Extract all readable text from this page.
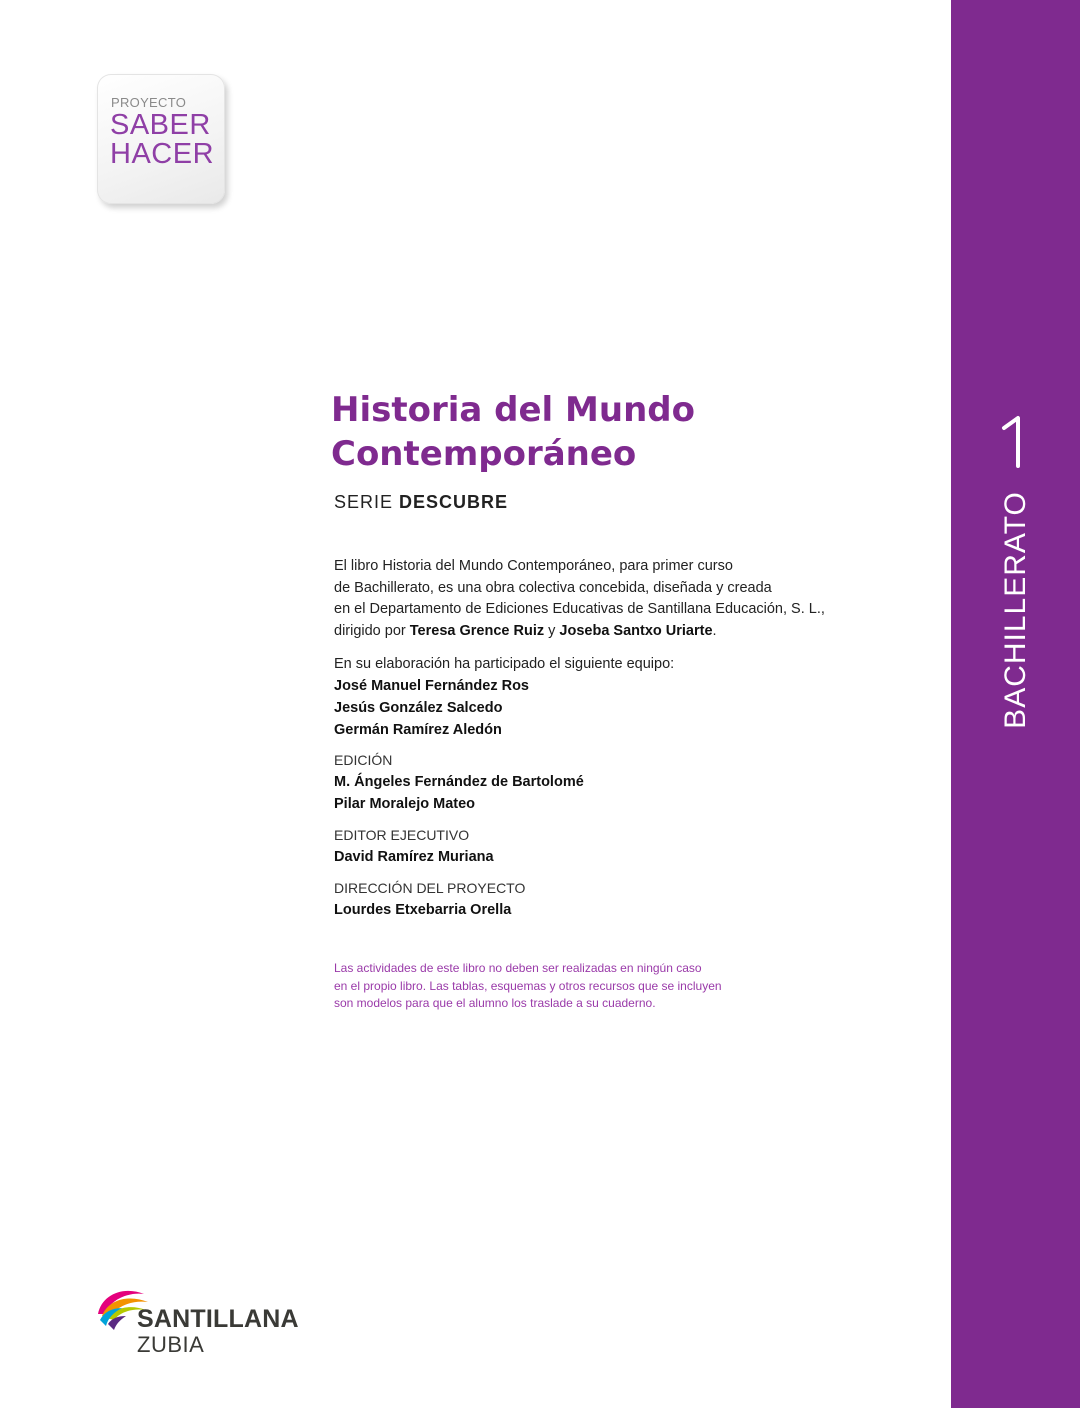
PROYECTO
SABER
HACER
Historia del Mundo
Contemporáneo
SERIE DESCUBRE

El libro Historia del Mundo Contemporáneo, para primer curso

de Bachillerato, es una obra colectiva concebida, diseñada y creada

en el Departamento de Ediciones Educativas de Santillana Educación, S. L.,

dirigido por Teresa Grence Ruiz y Joseba Santxo Uriarte.

En su elaboración ha participado el siguiente equipo:
José Manuel Fernández Ros
Jesús González Salcedo
Germán Ramírez Aledón
EDICIÓN
M. Ángeles Fernández de Bartolomé
Pilar Moralejo Mateo
EDITOR EJECUTIVO
David Ramírez Muriana
DIRECCIÓN DEL PROYECTO
Lourdes Etxebarria Orella

Las actividades de este libro no deben ser realizadas en ningún caso

en el propio libro. Las tablas, esquemas y otros recursos que se incluyen

son modelos para que el alumno los traslade a su cuaderno.

SANTILLANA
ZUBIA
BACHILLERATO
